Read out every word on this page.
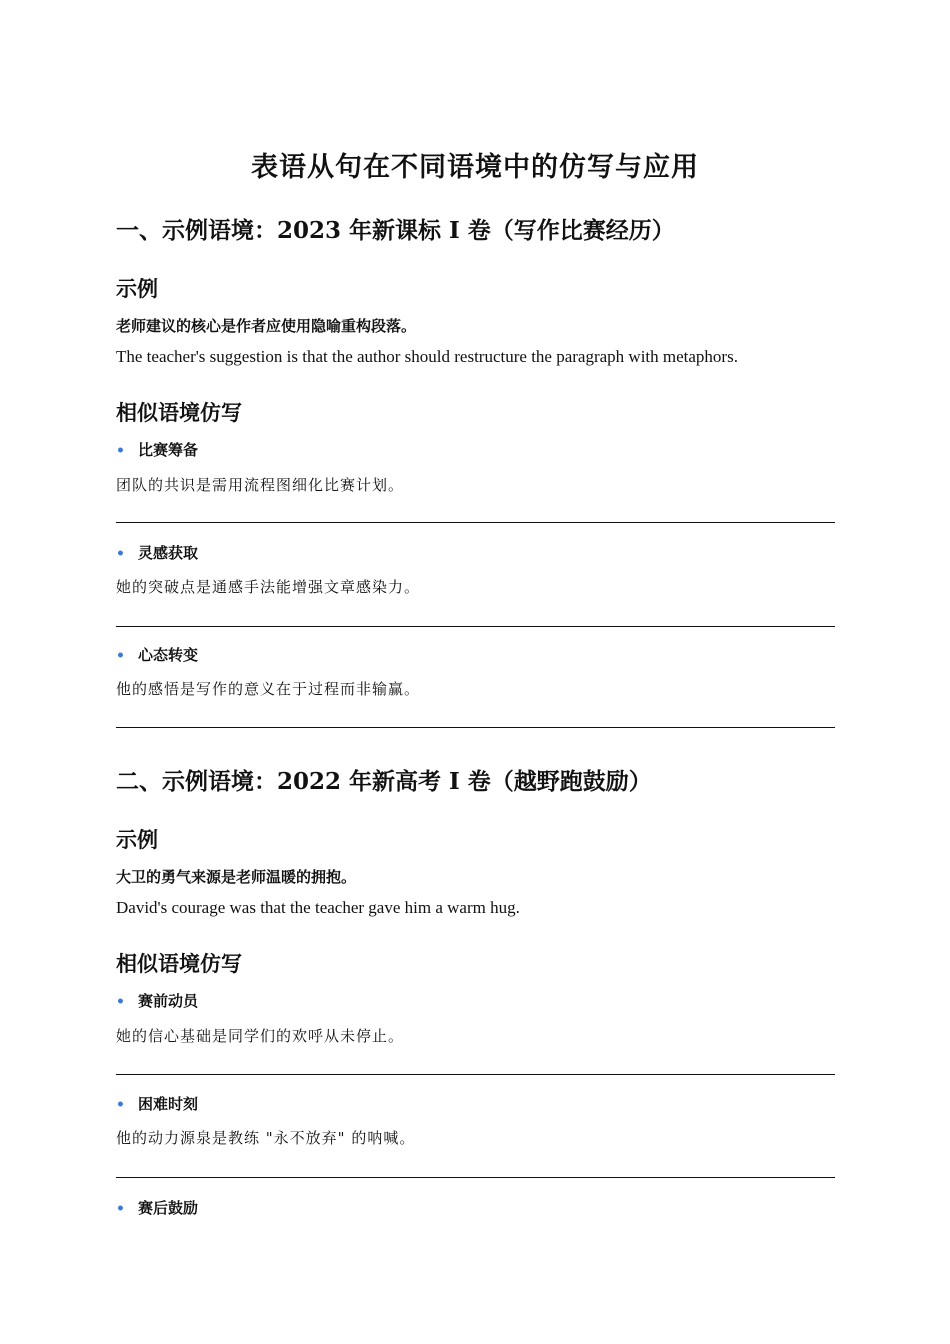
表语从句在不同语境中的仿写与应用
一、示例语境：2023 年新课标 Ⅰ 卷（写作比赛经历）
示例
老师建议的核心是作者应使用隐喻重构段落。
The teacher's suggestion is that the author should restructure the paragraph with metaphors.
相似语境仿写
• 比赛筹备
团队的共识是需用流程图细化比赛计划。
• 灵感获取
她的突破点是通感手法能增强文章感染力。
• 心态转变
他的感悟是写作的意义在于过程而非输赢。
二、示例语境：2022 年新高考 Ⅰ 卷（越野跑鼓励）
示例
大卫的勇气来源是老师温暖的拥抱。
David's courage was that the teacher gave him a warm hug.
相似语境仿写
• 赛前动员
她的信心基础是同学们的欢呼从未停止。
• 困难时刻
他的动力源泉是教练 "永不放弃" 的呐喊。
• 赛后鼓励
